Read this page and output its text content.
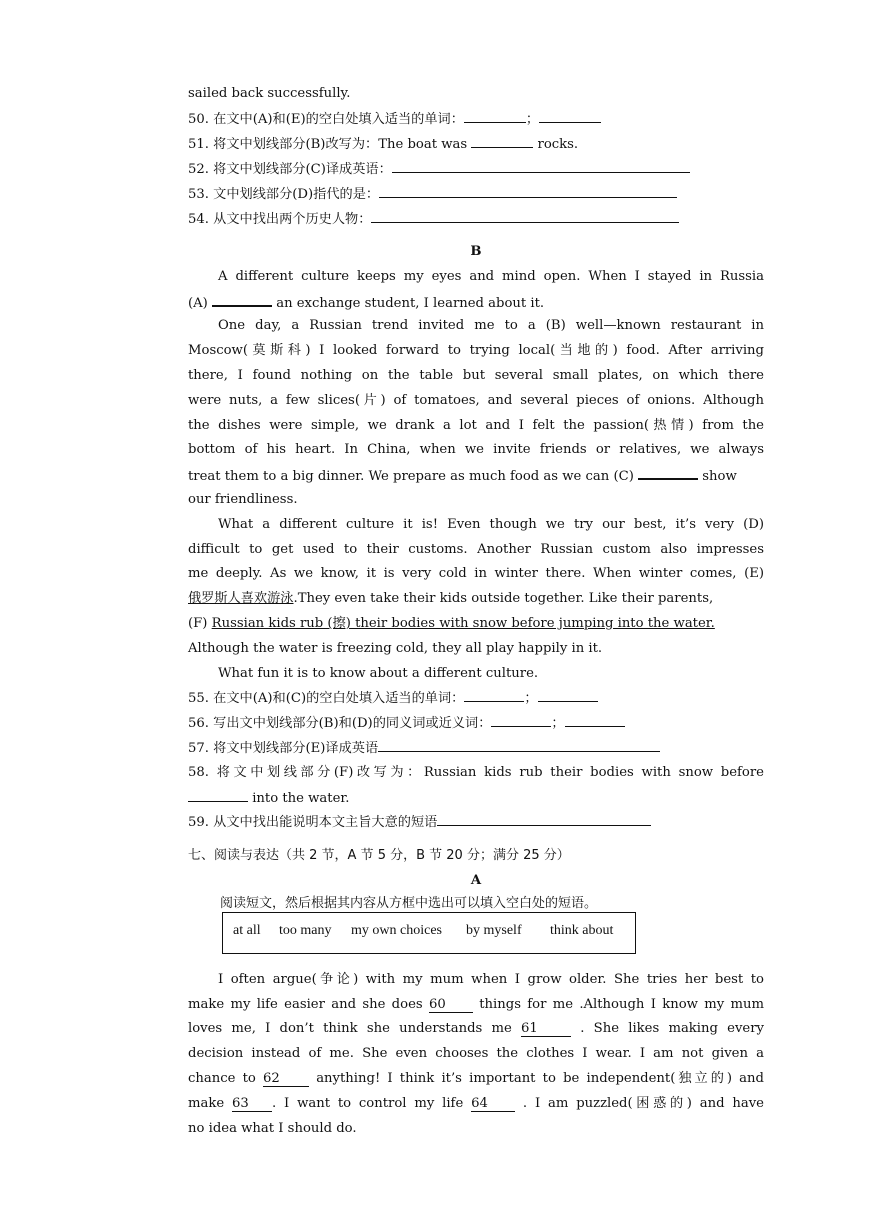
sailed back successfully.
50. 在文中(A)和(E)的空白处填入适当的单词：	；
51. 将文中划线部分(B)改写为：The boat was	rocks.
52. 将文中划线部分(C)译成英语：
53. 文中划线部分(D)指代的是：
54. 从文中找出两个历史人物：
B
A different culture keeps my eyes and mind open. When I stayed in Russia
(A)	an exchange student, I learned about it.
One day, a Russian trend invited me to a (B) well—known restaurant in
Moscow(莫斯科) I looked forward to trying local(当地的) food. After arriving
there, I found nothing on the table but several small plates, on which there
were nuts, a few slices(片) of tomatoes, and several pieces of onions. Although
the dishes were simple, we drank a lot and I felt the passion(热情) from the
bottom of his heart. In China, when we invite friends or relatives, we always
treat them to a big dinner. We prepare as much food as we can (C)	show
our friendliness.
What a different culture it is! Even though we try our best, it’s very (D)
difficult to get used to their customs. Another Russian custom also impresses
me deeply. As we know, it is very cold in winter there. When winter comes, (E)
俄罗斯人喜欢游泳.They even take their kids outside together. Like their parents,
(F) Russian kids rub (擦) their bodies with snow before jumping into the water.
Although the water is freezing cold, they all play happily in it.
What fun it is to know about a different culture.
55. 在文中(A)和(C)的空白处填入适当的单词：	；
56. 写出文中划线部分(B)和(D)的同义词或近义词：	；
57. 将文中划线部分(E)译成英语
58. 将文中划线部分(F)改写为：Russian kids rub their bodies with snow before
into the water.
59. 从文中找出能说明本文主旨大意的短语
七、阅读与表达（共 2 节，A 节 5 分，B 节 20 分；满分 25 分）
A
阅读短文，然后根据其内容从方框中选出可以填入空白处的短语。
at all too many my own choices by myself think about
I often argue(争论) with my mum when I grow older. She tries her best to
make my life easier and she does 60 things for me .Although I know my mum
loves me, I don’t think she understands me 61	. She likes making every
decision instead of me. She even chooses the clothes I wear. I am not given a
chance to 62 anything! I think it’s important to be independent(独立的) and
make 63 . I want to control my life 64 . I am puzzled(困惑的) and have
no idea what I should do.
